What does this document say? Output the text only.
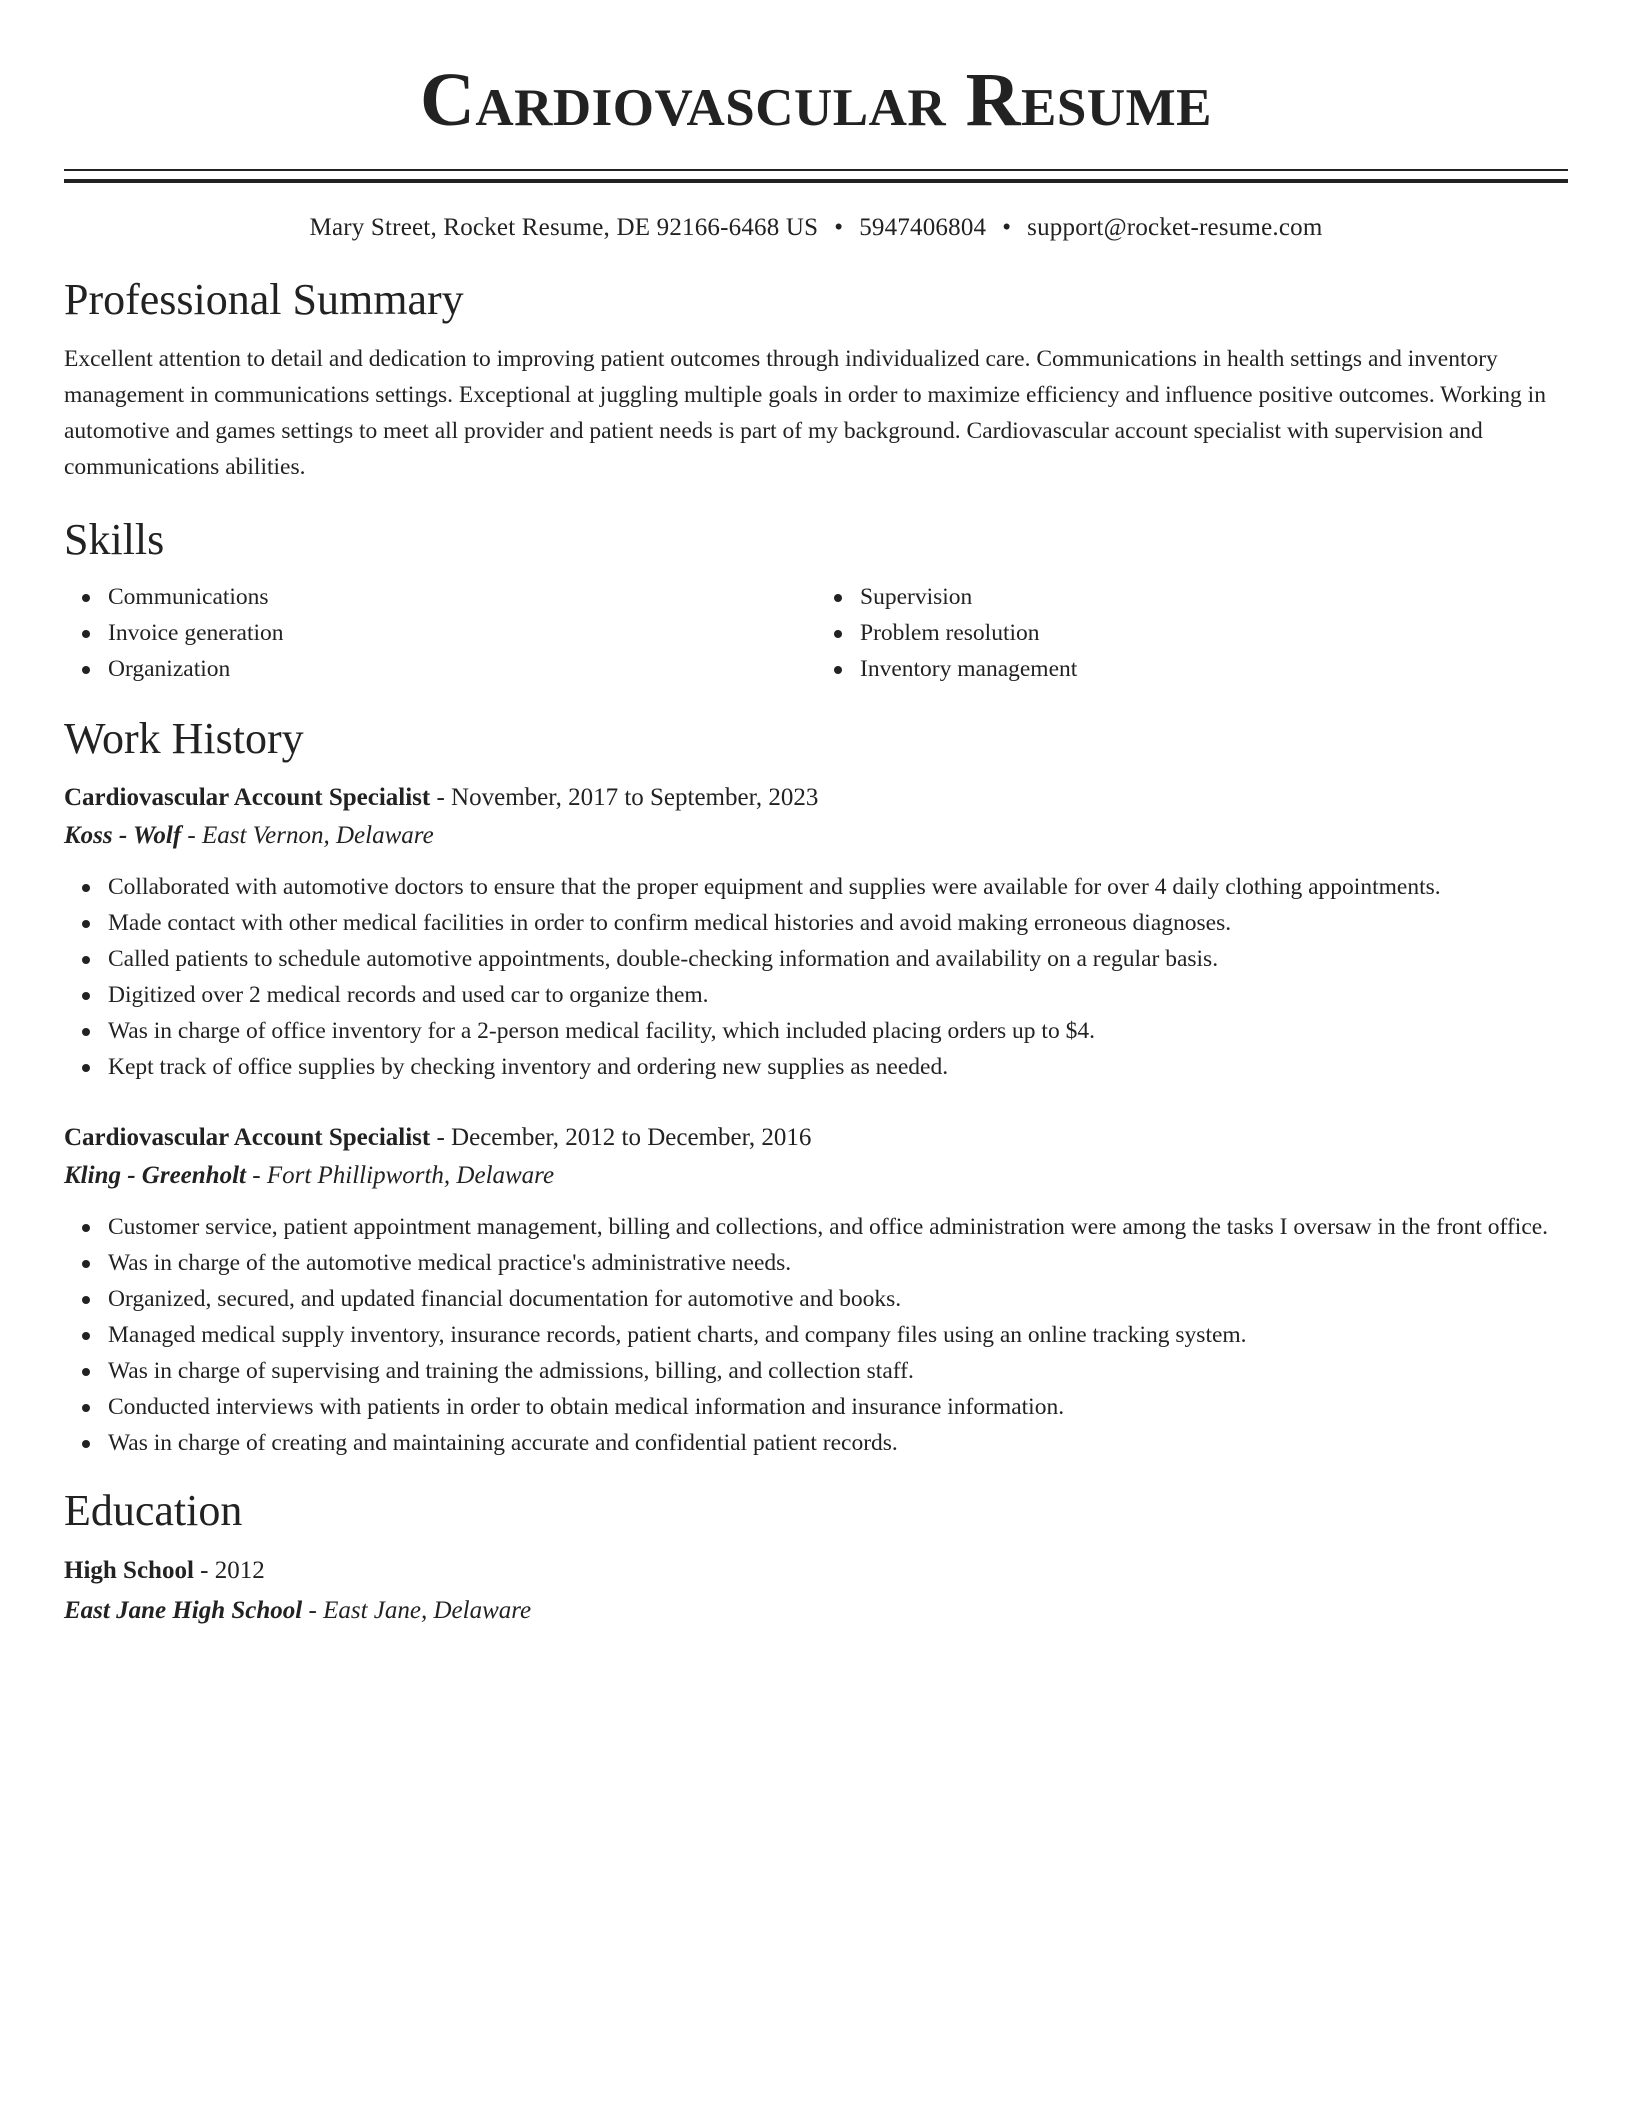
Cardiovascular Resume
Mary Street, Rocket Resume, DE 92166-6468 US • 5947406804 • support@rocket-resume.com
Professional Summary

Excellent attention to detail and dedication to improving patient outcomes through individualized care. Communications in health settings and inventory management in communications settings. Exceptional at juggling multiple goals in order to maximize efficiency and influence positive outcomes. Working in automotive and games settings to meet all provider and patient needs is part of my background. Cardiovascular account specialist with supervision and communications abilities.

Skills
Communications
Invoice generation
Organization
Supervision
Problem resolution
Inventory management
Work History
Cardiovascular Account Specialist - November, 2017 to September, 2023
Koss - Wolf - East Vernon, Delaware
Collaborated with automotive doctors to ensure that the proper equipment and supplies were available for over 4 daily clothing appointments.
Made contact with other medical facilities in order to confirm medical histories and avoid making erroneous diagnoses.
Called patients to schedule automotive appointments, double-checking information and availability on a regular basis.
Digitized over 2 medical records and used car to organize them.
Was in charge of office inventory for a 2-person medical facility, which included placing orders up to $4.
Kept track of office supplies by checking inventory and ordering new supplies as needed.
Cardiovascular Account Specialist - December, 2012 to December, 2016
Kling - Greenholt - Fort Phillipworth, Delaware
Customer service, patient appointment management, billing and collections, and office administration were among the tasks I oversaw in the front office.
Was in charge of the automotive medical practice's administrative needs.
Organized, secured, and updated financial documentation for automotive and books.
Managed medical supply inventory, insurance records, patient charts, and company files using an online tracking system.
Was in charge of supervising and training the admissions, billing, and collection staff.
Conducted interviews with patients in order to obtain medical information and insurance information.
Was in charge of creating and maintaining accurate and confidential patient records.
Education
High School - 2012
East Jane High School - East Jane, Delaware
